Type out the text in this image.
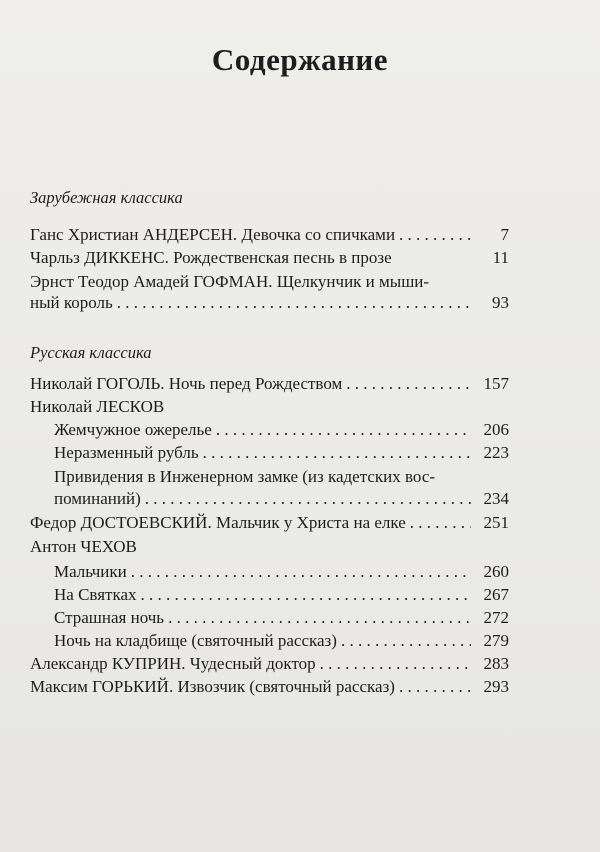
Содержание
Зарубежная классика
Ганс Христиан АНДЕРСЕН. Девочка со спичками . . .	7
Чарльз ДИККЕНС. Рождественская песнь в прозе	11
Эрнст Теодор Амадей ГОФМАН. Щелкунчик и мыши-
ный король . . .	93
Русская классика
Николай ГОГОЛЬ. Ночь перед Рождеством . . .	157
Николай ЛЕСКОВ
Жемчужное ожерелье . . .	206
Неразменный рубль . . .	223
Привидения в Инженерном замке (из кадетских вос-
поминаний) . . .	234
Федор ДОСТОЕВСКИЙ. Мальчик у Христа на елке . . .	251
Антон ЧЕХОВ
Мальчики . . .	260
На Святках . . .	267
Страшная ночь . . .	272
Ночь на кладбище (святочный рассказ) . . .	279
Александр КУПРИН. Чудесный доктор . . .	283
Максим ГОРЬКИЙ. Извозчик (святочный рассказ) . . .	293
